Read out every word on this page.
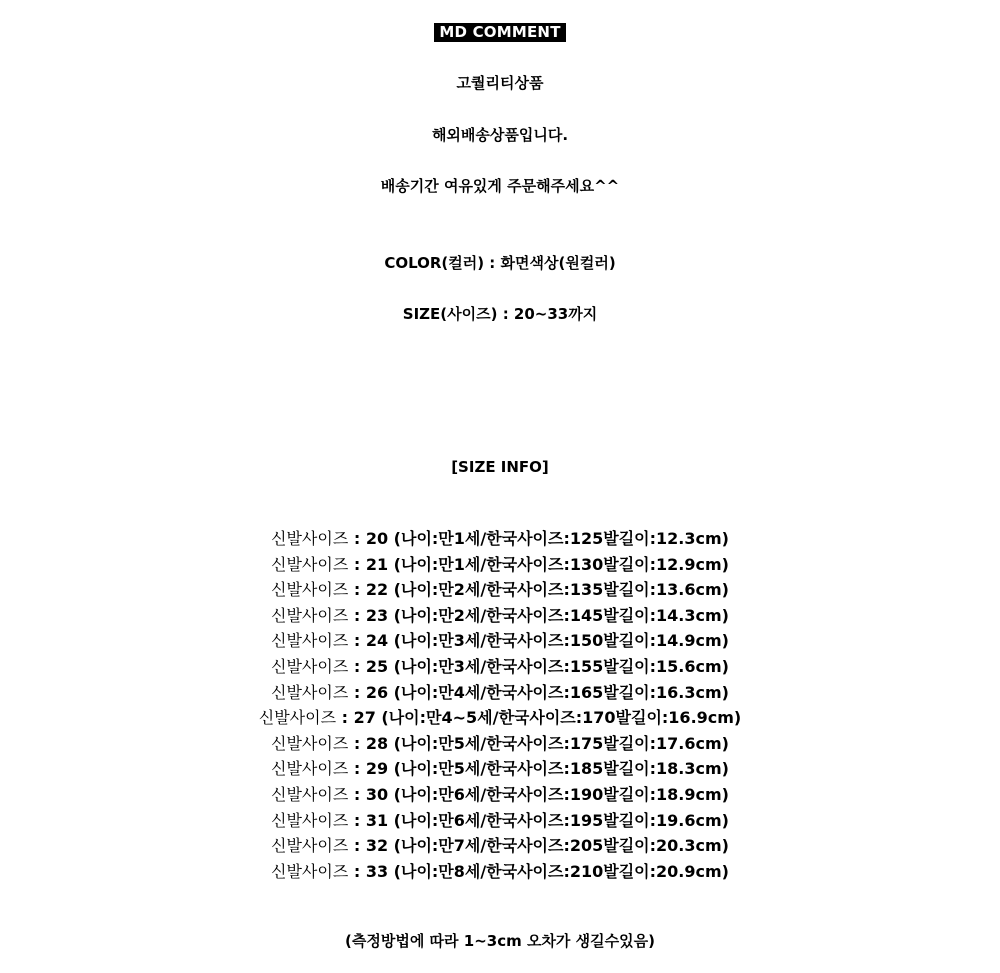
MD COMMENT
고퀄리티상품
해외배송상품입니다.
배송기간 여유있게 주문해주세요^^
COLOR(컬러) : 화면색상(원컬러)
SIZE(사이즈) : 20~33까지
[SIZE INFO]
신발사이즈 : 20 (나이:만1세/한국사이즈:125발길이:12.3cm)
신발사이즈 : 21 (나이:만1세/한국사이즈:130발길이:12.9cm)
신발사이즈 : 22 (나이:만2세/한국사이즈:135발길이:13.6cm)
신발사이즈 : 23 (나이:만2세/한국사이즈:145발길이:14.3cm)
신발사이즈 : 24 (나이:만3세/한국사이즈:150발길이:14.9cm)
신발사이즈 : 25 (나이:만3세/한국사이즈:155발길이:15.6cm)
신발사이즈 : 26 (나이:만4세/한국사이즈:165발길이:16.3cm)
신발사이즈 : 27 (나이:만4~5세/한국사이즈:170발길이:16.9cm)
신발사이즈 : 28 (나이:만5세/한국사이즈:175발길이:17.6cm)
신발사이즈 : 29 (나이:만5세/한국사이즈:185발길이:18.3cm)
신발사이즈 : 30 (나이:만6세/한국사이즈:190발길이:18.9cm)
신발사이즈 : 31 (나이:만6세/한국사이즈:195발길이:19.6cm)
신발사이즈 : 32 (나이:만7세/한국사이즈:205발길이:20.3cm)
신발사이즈 : 33 (나이:만8세/한국사이즈:210발길이:20.9cm)
(측정방법에 따라 1~3cm 오차가 생길수있음)
